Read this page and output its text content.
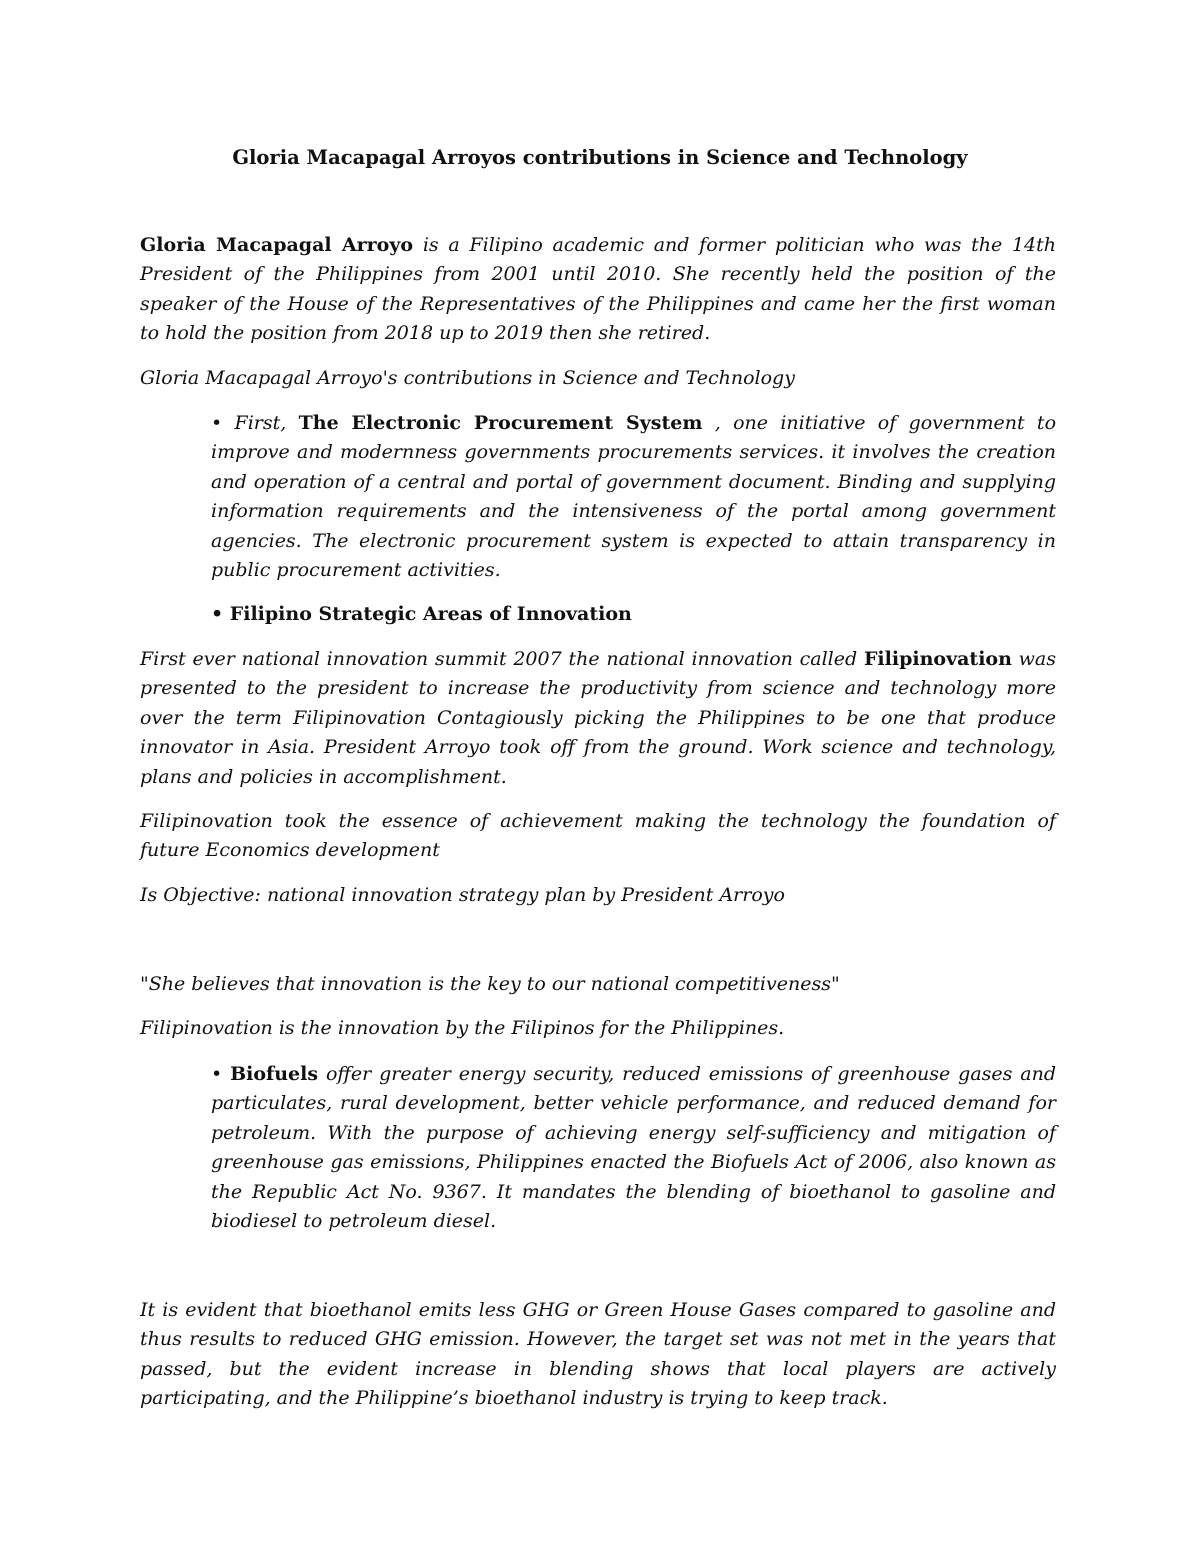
Gloria Macapagal Arroyos contributions in Science and Technology

Gloria Macapagal Arroyo is a Filipino academic and former politician who was the 14th President of the Philippines from 2001 until 2010. She recently held the position of the speaker of the House of the Representatives of the Philippines and came her the first woman to hold the position from 2018 up to 2019 then she retired.

Gloria Macapagal Arroyo's contributions in Science and Technology

• First, The Electronic Procurement System , one initiative of government to improve and modernness governments procurements services. it involves the creation and operation of a central and portal of government document. Binding and supplying information requirements and the intensiveness of the portal among government agencies. The electronic procurement system is expected to attain transparency in public procurement activities.

• Filipino Strategic Areas of Innovation

First ever national innovation summit 2007 the national innovation called Filipinovation was presented to the president to increase the productivity from science and technology more over the term Filipinovation Contagiously picking the Philippines to be one that produce innovator in Asia. President Arroyo took off from the ground. Work science and technology, plans and policies in accomplishment.

Filipinovation took the essence of achievement making the technology the foundation of future Economics development

Is Objective: national innovation strategy plan by President Arroyo

"She believes that innovation is the key to our national competitiveness"

Filipinovation is the innovation by the Filipinos for the Philippines.

• Biofuels offer greater energy security, reduced emissions of greenhouse gases and particulates, rural development, better vehicle performance, and reduced demand for petroleum. With the purpose of achieving energy self-sufficiency and mitigation of greenhouse gas emissions, Philippines enacted the Biofuels Act of 2006, also known as the Republic Act No. 9367. It mandates the blending of bioethanol to gasoline and biodiesel to petroleum diesel.

It is evident that bioethanol emits less GHG or Green House Gases compared to gasoline and thus results to reduced GHG emission. However, the target set was not met in the years that passed, but the evident increase in blending shows that local players are actively participating, and the Philippine’s bioethanol industry is trying to keep track.
